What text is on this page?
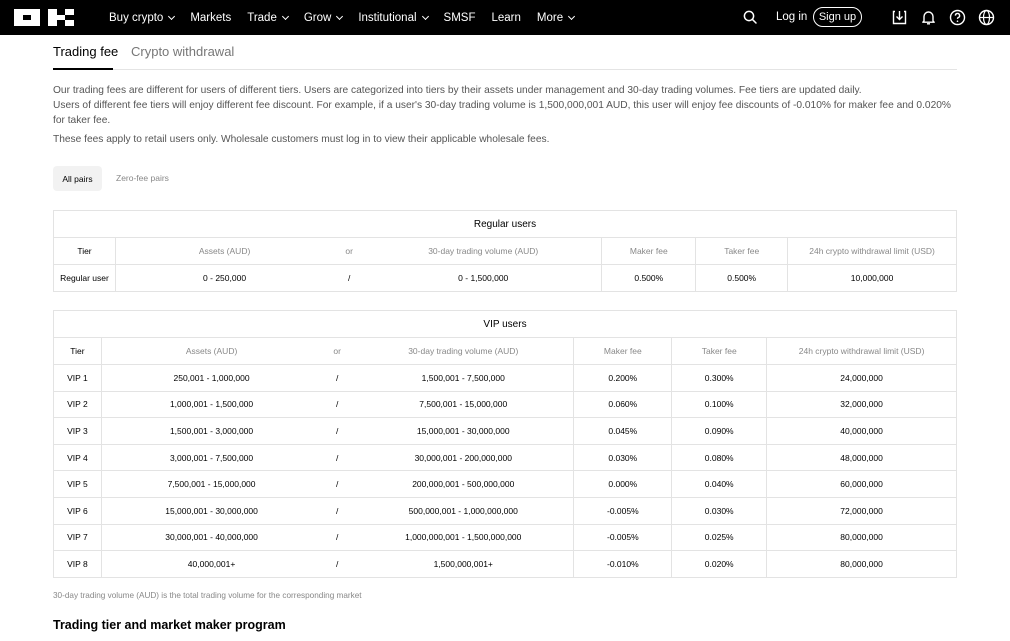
Buy crypto Markets Trade Grow Institutional SMSF Learn More	Log in	Sign up
Trading fee Crypto withdrawal
Our trading fees are different for users of different tiers. Users are categorized into tiers by their assets under management and 30-day trading volumes. Fee tiers are updated daily.
Users of different fee tiers will enjoy different fee discount. For example, if a user's 30-day trading volume is 1,500,000,001 AUD, this user will enjoy fee discounts of -0.010% for maker fee and 0.020% for taker fee.
These fees apply to retail users only. Wholesale customers must log in to view their applicable wholesale fees.
All pairs	Zero-fee pairs
Regular users						
Tier	Assets (AUD)	or	30-day trading volume (AUD)	Maker fee	Taker fee	24h crypto withdrawal limit (USD)
Regular user	0 - 250,000	/	0 - 1,500,000	0.500%	0.500%	10,000,000
VIP users						
Tier	Assets (AUD)	or	30-day trading volume (AUD)	Maker fee	Taker fee	24h crypto withdrawal limit (USD)
VIP 1	250,001 - 1,000,000	/	1,500,001 - 7,500,000	0.200%	0.300%	24,000,000
VIP 2	1,000,001 - 1,500,000	/	7,500,001 - 15,000,000	0.060%	0.100%	32,000,000
VIP 3	1,500,001 - 3,000,000	/	15,000,001 - 30,000,000	0.045%	0.090%	40,000,000
VIP 4	3,000,001 - 7,500,000	/	30,000,001 - 200,000,000	0.030%	0.080%	48,000,000
VIP 5	7,500,001 - 15,000,000	/	200,000,001 - 500,000,000	0.000%	0.040%	60,000,000
VIP 6	15,000,001 - 30,000,000	/	500,000,001 - 1,000,000,000	-0.005%	0.030%	72,000,000
VIP 7	30,000,001 - 40,000,000	/	1,000,000,001 - 1,500,000,000	-0.005%	0.025%	80,000,000
VIP 8	40,000,001+	/	1,500,000,001+	-0.010%	0.020%	80,000,000
30-day trading volume (AUD) is the total trading volume for the corresponding market
Trading tier and market maker program
